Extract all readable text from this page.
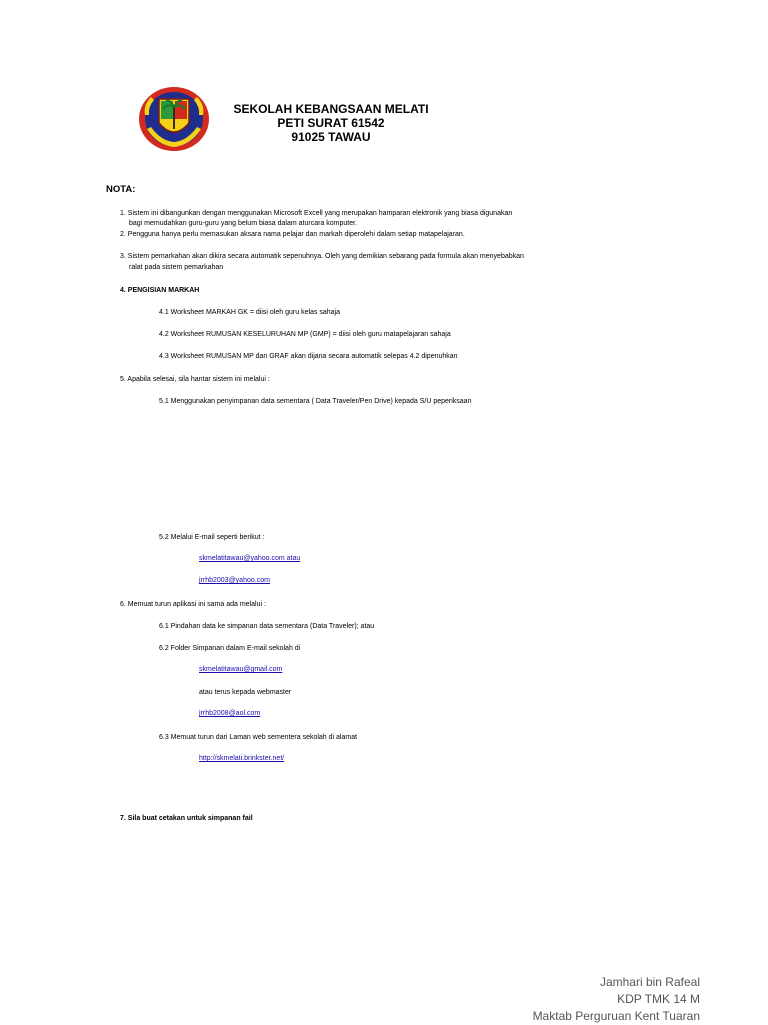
SEKOLAH KEBANGSAAN MELATI
PETI SURAT 61542
91025 TAWAU
NOTA:
1. Sistem ini dibangunkan dengan menggunakan Microsoft Excell yang merupakan hamparan elektronik yang biasa digunakan
bagi memudahkan guru-guru yang belum biasa dalam aturcara komputer.
2. Pengguna hanya perlu memasukan aksara nama pelajar dan markah diperolehi dalam setiap matapelajaran.
3. Sistem pemarkahan akan dikira secara automatik sepenuhnya. Oleh yang demikian sebarang pada formula akan menyebabkan
ralat pada sistem pemarkahan
4. PENGISIAN MARKAH
4.1 Worksheet MARKAH GK = diisi oleh guru kelas sahaja
4.2 Worksheet RUMUSAN KESELURUHAN MP (GMP) = diisi oleh guru matapelajaran sahaja
4.3 Worksheet RUMUSAN MP dan GRAF akan dijana secara automatik selepas 4.2 dipenuhkan
5. Apabila selesai, sila hantar sistem ini melalui :
5.1 Menggunakan penyimpanan data sementara ( Data Traveler/Pen Drive) kepada S/U peperiksaan
5.2 Melalui E-mail seperti berikut :
skmelatitawau@yahoo.com atau
jrrhb2003@yahoo.com
6. Memuat turun aplikasi ini sama ada melalui :
6.1 Pindahan data ke simpanan data sementara (Data Traveler); atau
6.2 Folder Simpanan dalam E-mail sekolah di
skmelatitawau@gmail.com
atau terus kepada webmaster
jrrhb2008@aol.com
6.3 Memuat turun dari Laman web sementera sekolah di alamat
http://skmelati.brinkster.net/
7. Sila buat cetakan untuk simpanan fail
Jamhari bin Rafeal
KDP TMK 14 M
Maktab Perguruan Kent Tuaran
